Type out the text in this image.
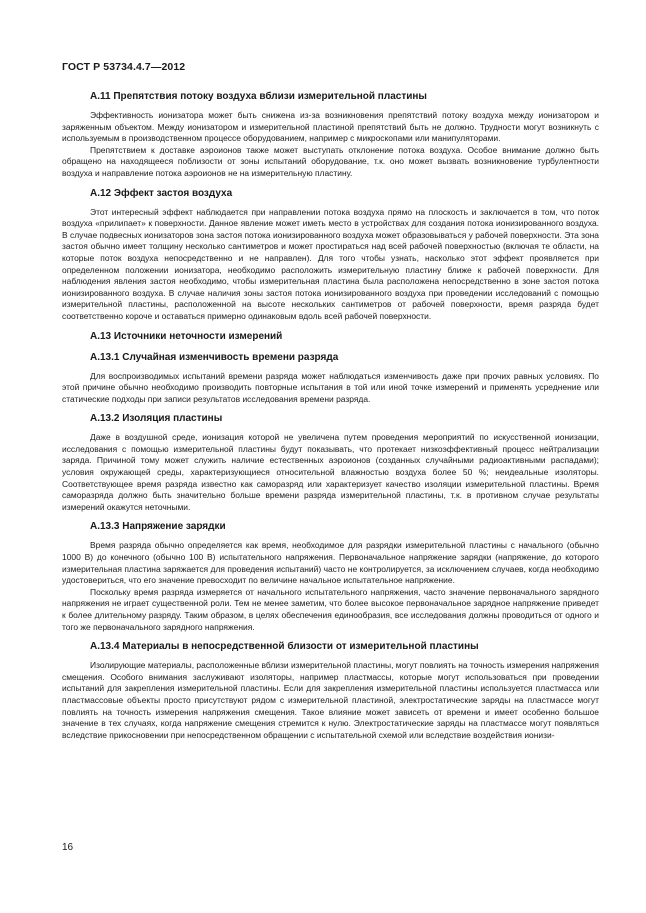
ГОСТ Р 53734.4.7—2012
А.11 Препятствия потоку воздуха вблизи измерительной пластины

Эффективность ионизатора может быть снижена из-за возникновения препятствий потоку воздуха между ионизатором и заряженным объектом. Между ионизатором и измерительной пластиной препятствий быть не должно. Трудности могут возникнуть с используемым в производственном процессе оборудованием, например с микроскопами или манипуляторами.

Препятствием к доставке аэроионов также может выступать отклонение потока воздуха. Особое внимание должно быть обращено на находящееся поблизости от зоны испытаний оборудование, т.к. оно может вызвать возникновение турбулентности воздуха и направление потока аэроионов не на измерительную пластину.

А.12 Эффект застоя воздуха

Этот интересный эффект наблюдается при направлении потока воздуха прямо на плоскость и заключается в том, что поток воздуха «прилипает» к поверхности. Данное явление может иметь место в устройствах для создания потока ионизированного воздуха. В случае подвесных ионизаторов зона застоя потока ионизированного воздуха может образовываться у рабочей поверхности. Эта зона застоя обычно имеет толщину несколько сантиметров и может простираться над всей рабочей поверхностью (включая те области, на которые поток воздуха непосредственно и не направлен). Для того чтобы узнать, насколько этот эффект проявляется при определенном положении ионизатора, необходимо расположить измерительную пластину ближе к рабочей поверхности. Для наблюдения явления застоя необходимо, чтобы измерительная пластина была расположена непосредственно в зоне застоя потока ионизированного воздуха. В случае наличия зоны застоя потока ионизированного воздуха при проведении исследований с помощью измерительной пластины, расположенной на высоте нескольких сантиметров от рабочей поверхности, время разряда будет соответственно короче и оставаться примерно одинаковым вдоль всей рабочей поверхности.

А.13 Источники неточности измерений
А.13.1 Случайная изменчивость времени разряда

Для воспроизводимых испытаний времени разряда может наблюдаться изменчивость даже при прочих равных условиях. По этой причине обычно необходимо производить повторные испытания в той или иной точке измерений и применять усреднение или статические подходы при записи результатов исследования времени разряда.

А.13.2 Изоляция пластины

Даже в воздушной среде, ионизация которой не увеличена путем проведения мероприятий по искусственной ионизации, исследования с помощью измерительной пластины будут показывать, что протекает низкоэффективный процесс нейтрализации заряда. Причиной тому может служить наличие естественных аэроионов (созданных случайными радиоактивными распадами); условия окружающей среды, характеризующиеся относительной влажностью воздуха более 50 %; неидеальные изоляторы. Соответствующее время разряда известно как саморазряд или характеризует качество изоляции измерительной пластины. Время саморазряда должно быть значительно больше времени разряда измерительной пластины, т.к. в противном случае результаты измерений окажутся неточными.

А.13.3 Напряжение зарядки

Время разряда обычно определяется как время, необходимое для разрядки измерительной пластины с начального (обычно 1000 В) до конечного (обычно 100 В) испытательного напряжения. Первоначальное напряжение зарядки (напряжение, до которого измерительная пластина заряжается для проведения испытаний) часто не контролируется, за исключением случаев, когда необходимо удостовериться, что его значение превосходит по величине начальное испытательное напряжение.

Поскольку время разряда измеряется от начального испытательного напряжения, часто значение первоначального зарядного напряжения не играет существенной роли. Тем не менее заметим, что более высокое первоначальное зарядное напряжение приведет к более длительному разряду. Таким образом, в целях обеспечения единообразия, все исследования должны проводиться от одного и того же первоначального зарядного напряжения.

А.13.4 Материалы в непосредственной близости от измерительной пластины

Изолирующие материалы, расположенные вблизи измерительной пластины, могут повлиять на точность измерения напряжения смещения. Особого внимания заслуживают изоляторы, например пластмассы, которые могут использоваться при проведении испытаний для закрепления измерительной пластины. Если для закрепления измерительной пластины используется пластмасса или пластмассовые объекты просто присутствуют рядом с измерительной пластиной, электростатические заряды на пластмассе могут повлиять на точность измерения напряжения смещения. Такое влияние может зависеть от времени и имеет особенно большое значение в тех случаях, когда напряжение смещения стремится к нулю. Электростатические заряды на пластмассе могут появляться вследствие прикосновении при непосредственном обращении с испытательной схемой или вследствие воздействия ионизи-

16
